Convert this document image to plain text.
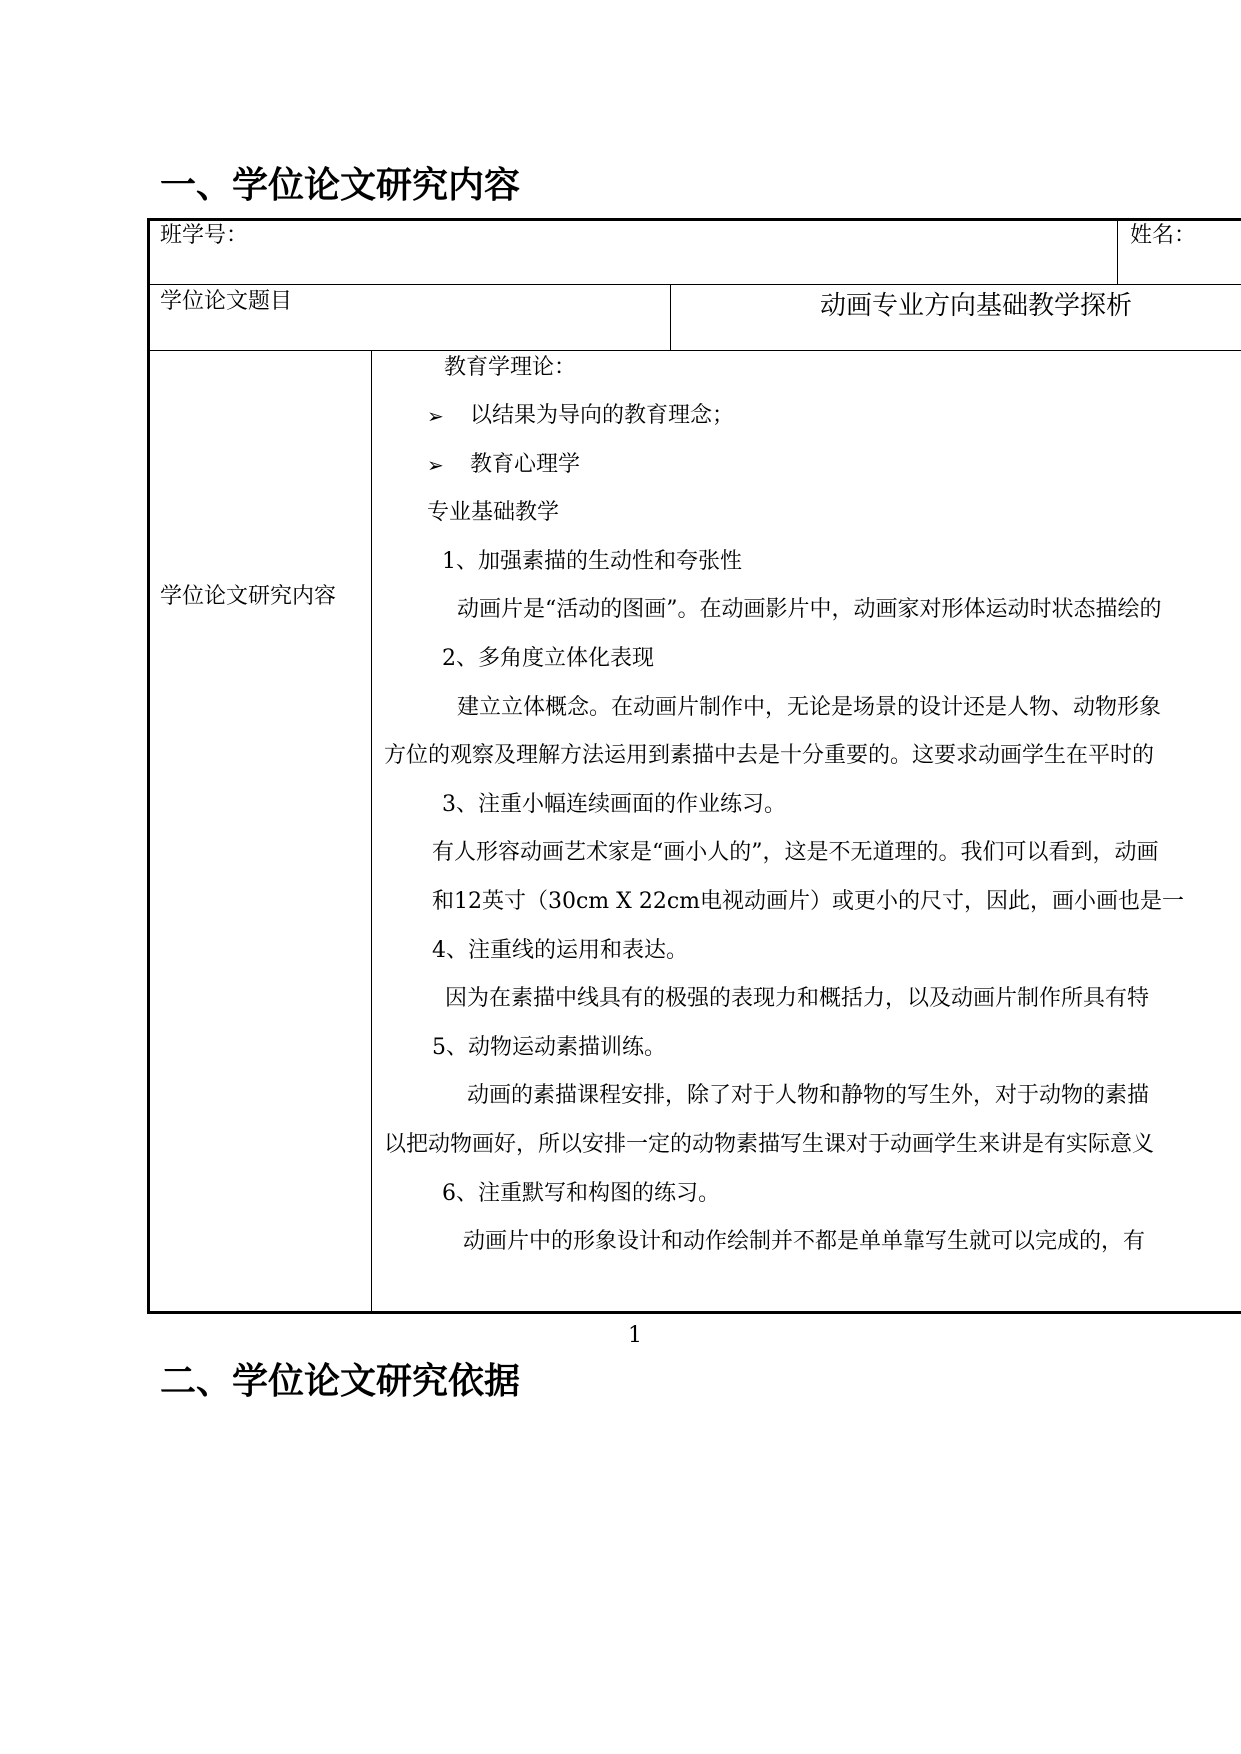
一、学位论文研究内容
班学号：	姓名：
学位论文题目	动画专业方向基础教学探析
学位论文研究内容
教育学理论：
➢ 以结果为导向的教育理念；
➢ 教育心理学
专业基础教学
1、加强素描的生动性和夸张性
动画片是“活动的图画”。在动画影片中，动画家对形体运动时状态描绘的
2、多角度立体化表现
建立立体概念。在动画片制作中，无论是场景的设计还是人物、动物形象
方位的观察及理解方法运用到素描中去是十分重要的。这要求动画学生在平时的
3、注重小幅连续画面的作业练习。
有人形容动画艺术家是“画小人的”，这是不无道理的。我们可以看到，动画
和12英寸（30cm X 22cm电视动画片）或更小的尺寸，因此，画小画也是一
4、注重线的运用和表达。
因为在素描中线具有的极强的表现力和概括力，以及动画片制作所具有特
5、动物运动素描训练。
动画的素描课程安排，除了对于人物和静物的写生外，对于动物的素描
以把动物画好，所以安排一定的动物素描写生课对于动画学生来讲是有实际意义
6、注重默写和构图的练习。
动画片中的形象设计和动作绘制并不都是单单靠写生就可以完成的，有
1
二、学位论文研究依据
